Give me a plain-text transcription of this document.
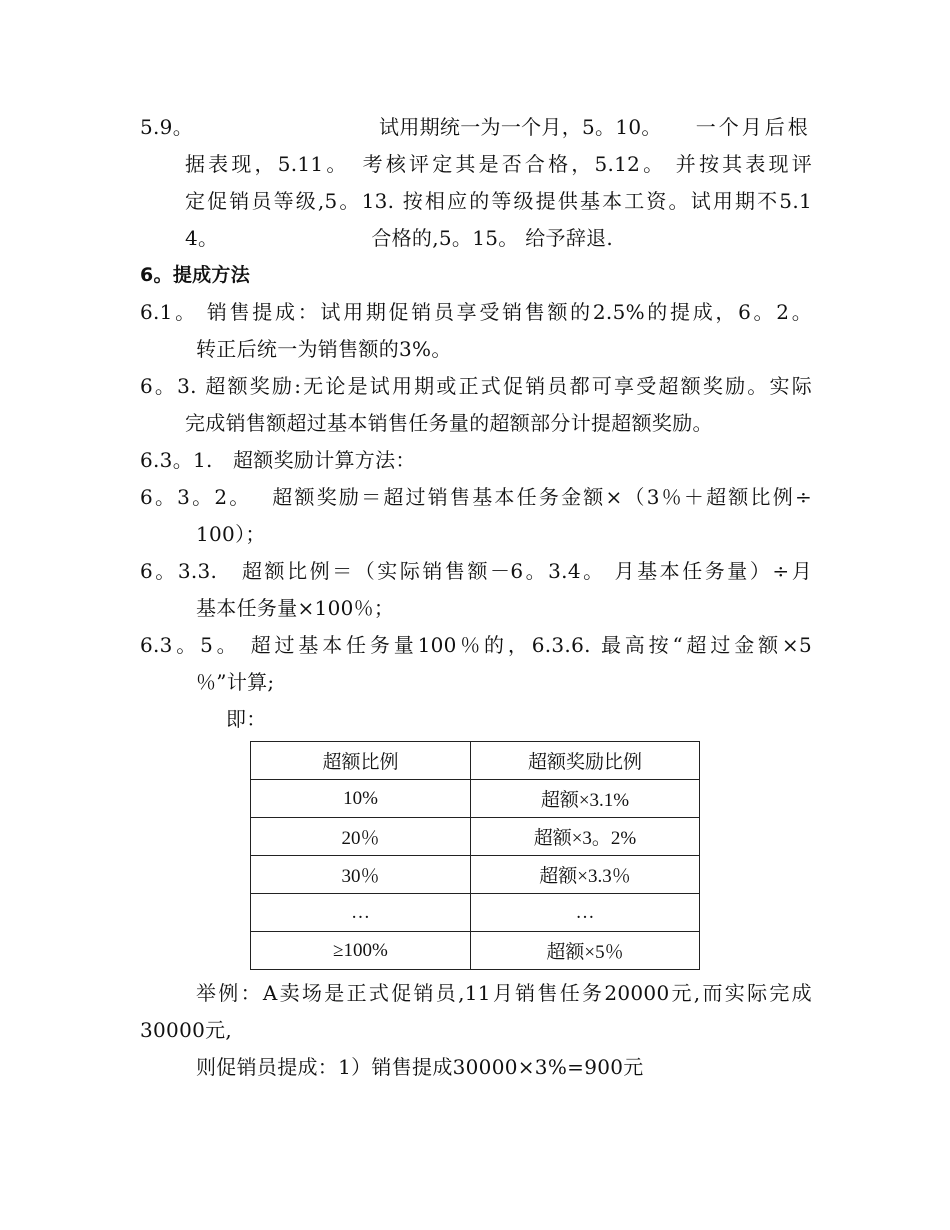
5.9。	试用期统一为一个月，5。10。 一个月后根
据表现，5.11。　考核评定其是否合格，5.12。 并按其表现评
定促销员等级,5。13. 按相应的等级提供基本工资。试用期不5.1
4。	合格的,5。15。 给予辞退.
6。提成方法
6.1。 销售提成：试用期促销员享受销售额的2.5%的提成，6。2。
转正后统一为销售额的3%。
6。3. 超额奖励:无论是试用期或正式促销员都可享受超额奖励。实际
完成销售额超过基本销售任务量的超额部分计提超额奖励。
6.3。1.　超额奖励计算方法：
6。3。2。　 超额奖励＝超过销售基本任务金额×（3％＋超额比例÷
100）；
6。3.3.　超额比例＝（实际销售额－6。3.4。 月基本任务量）÷月
基本任务量×100％；
6.3。5。 超过基本任务量100％的，6.3.6. 最高按“超过金额×5
％”计算;
即：
超额比例	超额奖励比例
10%	超额×3.1%
20％	超额×3。2%
30％	超额×3.3％
…	…
≥100%	超额×5％
举例：A卖场是正式促销员,11月销售任务20000元,而实际完成
30000元,
则促销员提成：1）销售提成30000×3%=900元
